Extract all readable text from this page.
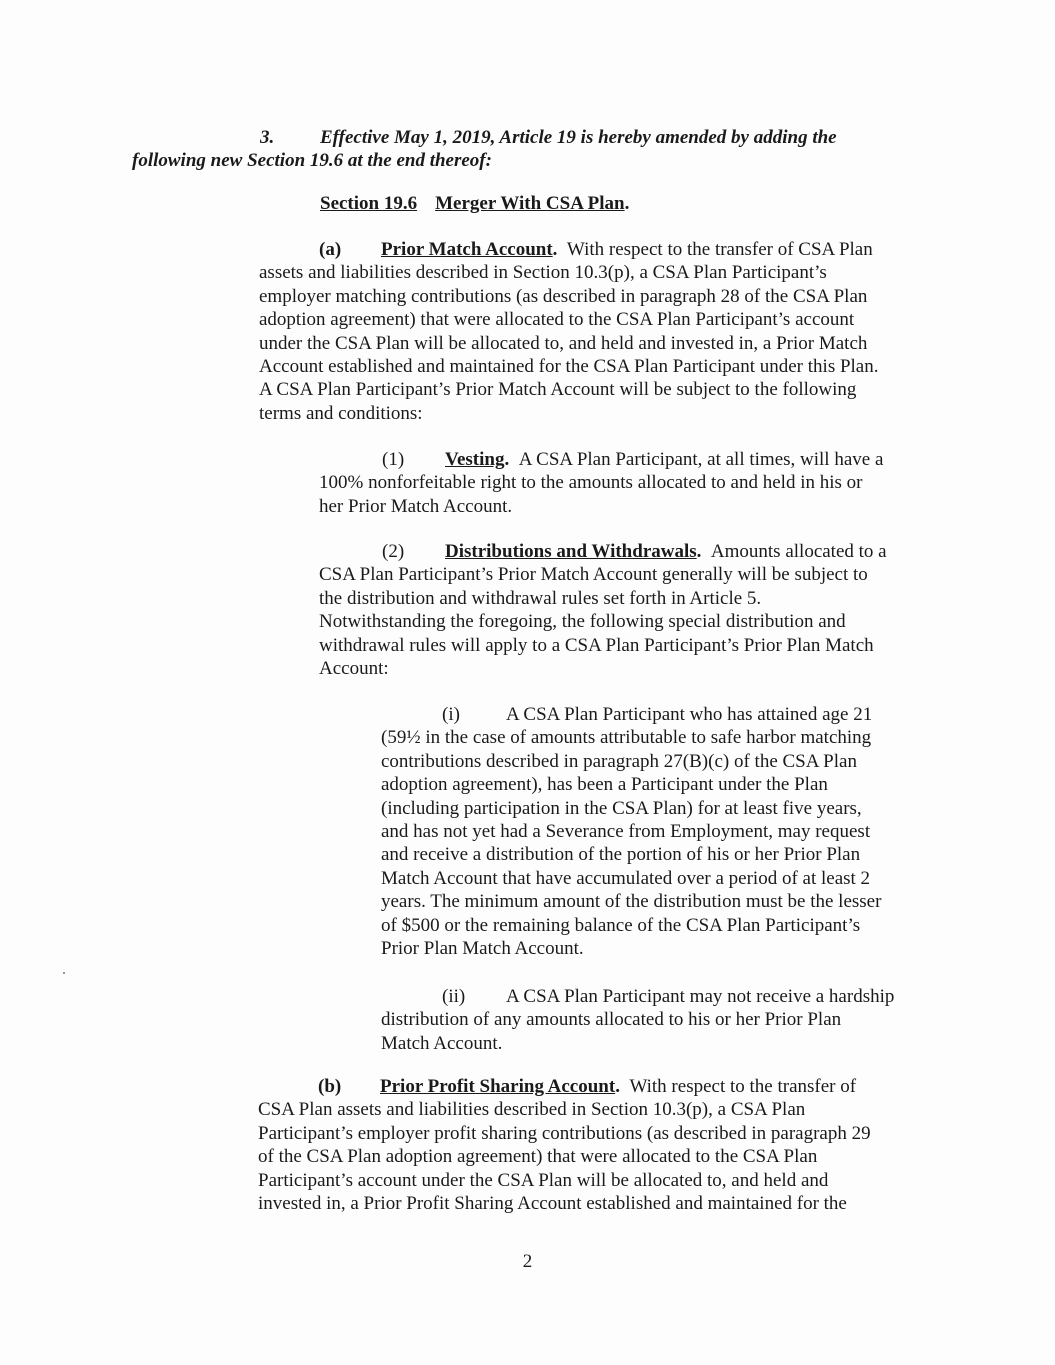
3. Effective May 1, 2019, Article 19 is hereby amended by adding the
following new Section 19.6 at the end thereof:
Section 19.6 Merger With CSA Plan.
(a) Prior Match Account. With respect to the transfer of CSA Plan
assets and liabilities described in Section 10.3(p), a CSA Plan Participant’s
employer matching contributions (as described in paragraph 28 of the CSA Plan
adoption agreement) that were allocated to the CSA Plan Participant’s account
under the CSA Plan will be allocated to, and held and invested in, a Prior Match
Account established and maintained for the CSA Plan Participant under this Plan.
A CSA Plan Participant’s Prior Match Account will be subject to the following
terms and conditions:
(1) Vesting. A CSA Plan Participant, at all times, will have a
100% nonforfeitable right to the amounts allocated to and held in his or
her Prior Match Account.
(2) Distributions and Withdrawals. Amounts allocated to a
CSA Plan Participant’s Prior Match Account generally will be subject to
the distribution and withdrawal rules set forth in Article 5.
Notwithstanding the foregoing, the following special distribution and
withdrawal rules will apply to a CSA Plan Participant’s Prior Plan Match
Account:
(i) A CSA Plan Participant who has attained age 21
(59½ in the case of amounts attributable to safe harbor matching
contributions described in paragraph 27(B)(c) of the CSA Plan
adoption agreement), has been a Participant under the Plan
(including participation in the CSA Plan) for at least five years,
and has not yet had a Severance from Employment, may request
and receive a distribution of the portion of his or her Prior Plan
Match Account that have accumulated over a period of at least 2
years. The minimum amount of the distribution must be the lesser
of $500 or the remaining balance of the CSA Plan Participant’s
Prior Plan Match Account.
(ii) A CSA Plan Participant may not receive a hardship
distribution of any amounts allocated to his or her Prior Plan
Match Account.
(b) Prior Profit Sharing Account. With respect to the transfer of
CSA Plan assets and liabilities described in Section 10.3(p), a CSA Plan
Participant’s employer profit sharing contributions (as described in paragraph 29
of the CSA Plan adoption agreement) that were allocated to the CSA Plan
Participant’s account under the CSA Plan will be allocated to, and held and
invested in, a Prior Profit Sharing Account established and maintained for the
2
